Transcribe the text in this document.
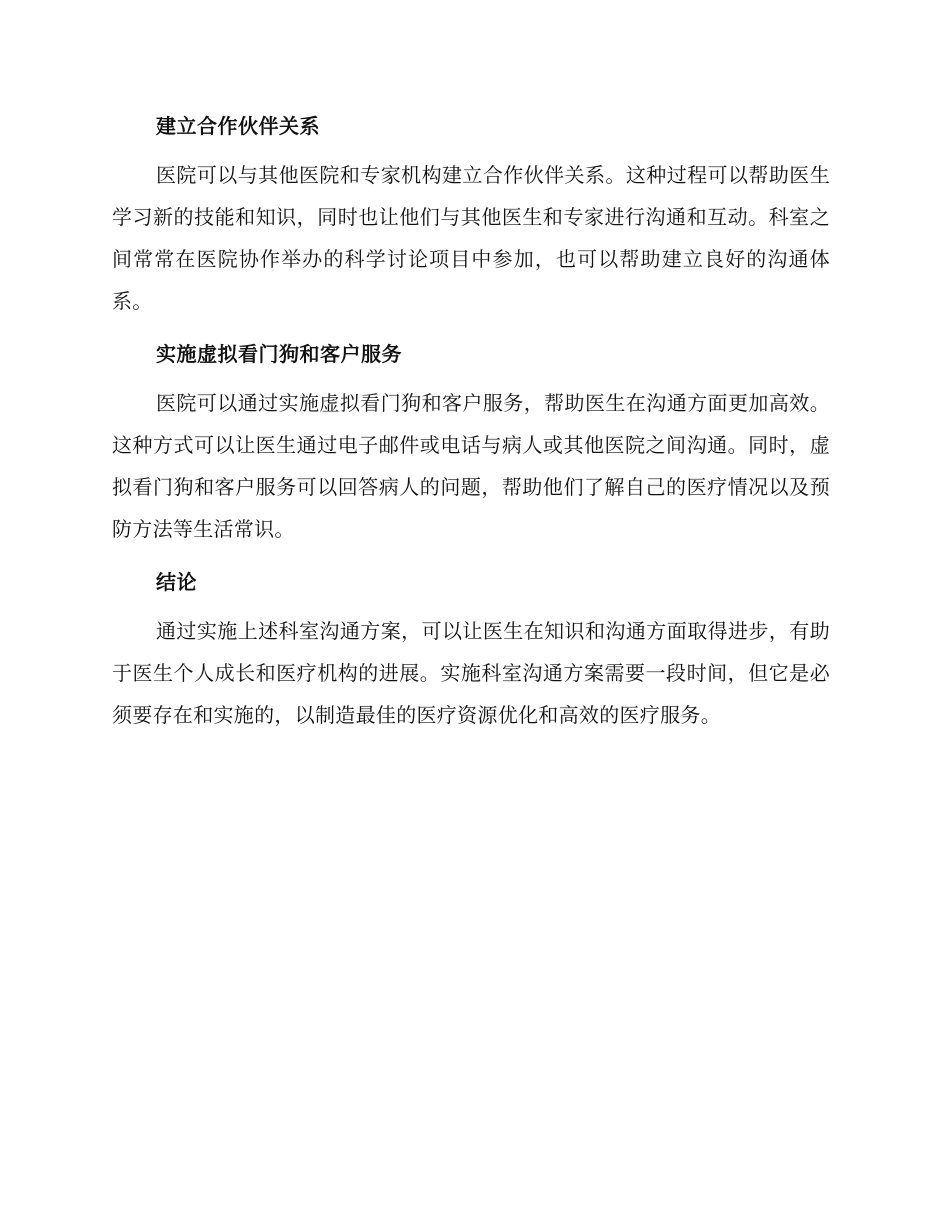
建立合作伙伴关系

医院可以与其他医院和专家机构建立合作伙伴关系。这种过程可以帮助医生学习新的技能和知识，同时也让他们与其他医生和专家进行沟通和互动。科室之间常常在医院协作举办的科学讨论项目中参加，也可以帮助建立良好的沟通体系。

实施虚拟看门狗和客户服务

医院可以通过实施虚拟看门狗和客户服务，帮助医生在沟通方面更加高效。这种方式可以让医生通过电子邮件或电话与病人或其他医院之间沟通。同时，虚拟看门狗和客户服务可以回答病人的问题，帮助他们了解自己的医疗情况以及预防方法等生活常识。

结论

通过实施上述科室沟通方案，可以让医生在知识和沟通方面取得进步，有助于医生个人成长和医疗机构的进展。实施科室沟通方案需要一段时间，但它是必须要存在和实施的，以制造最佳的医疗资源优化和高效的医疗服务。
